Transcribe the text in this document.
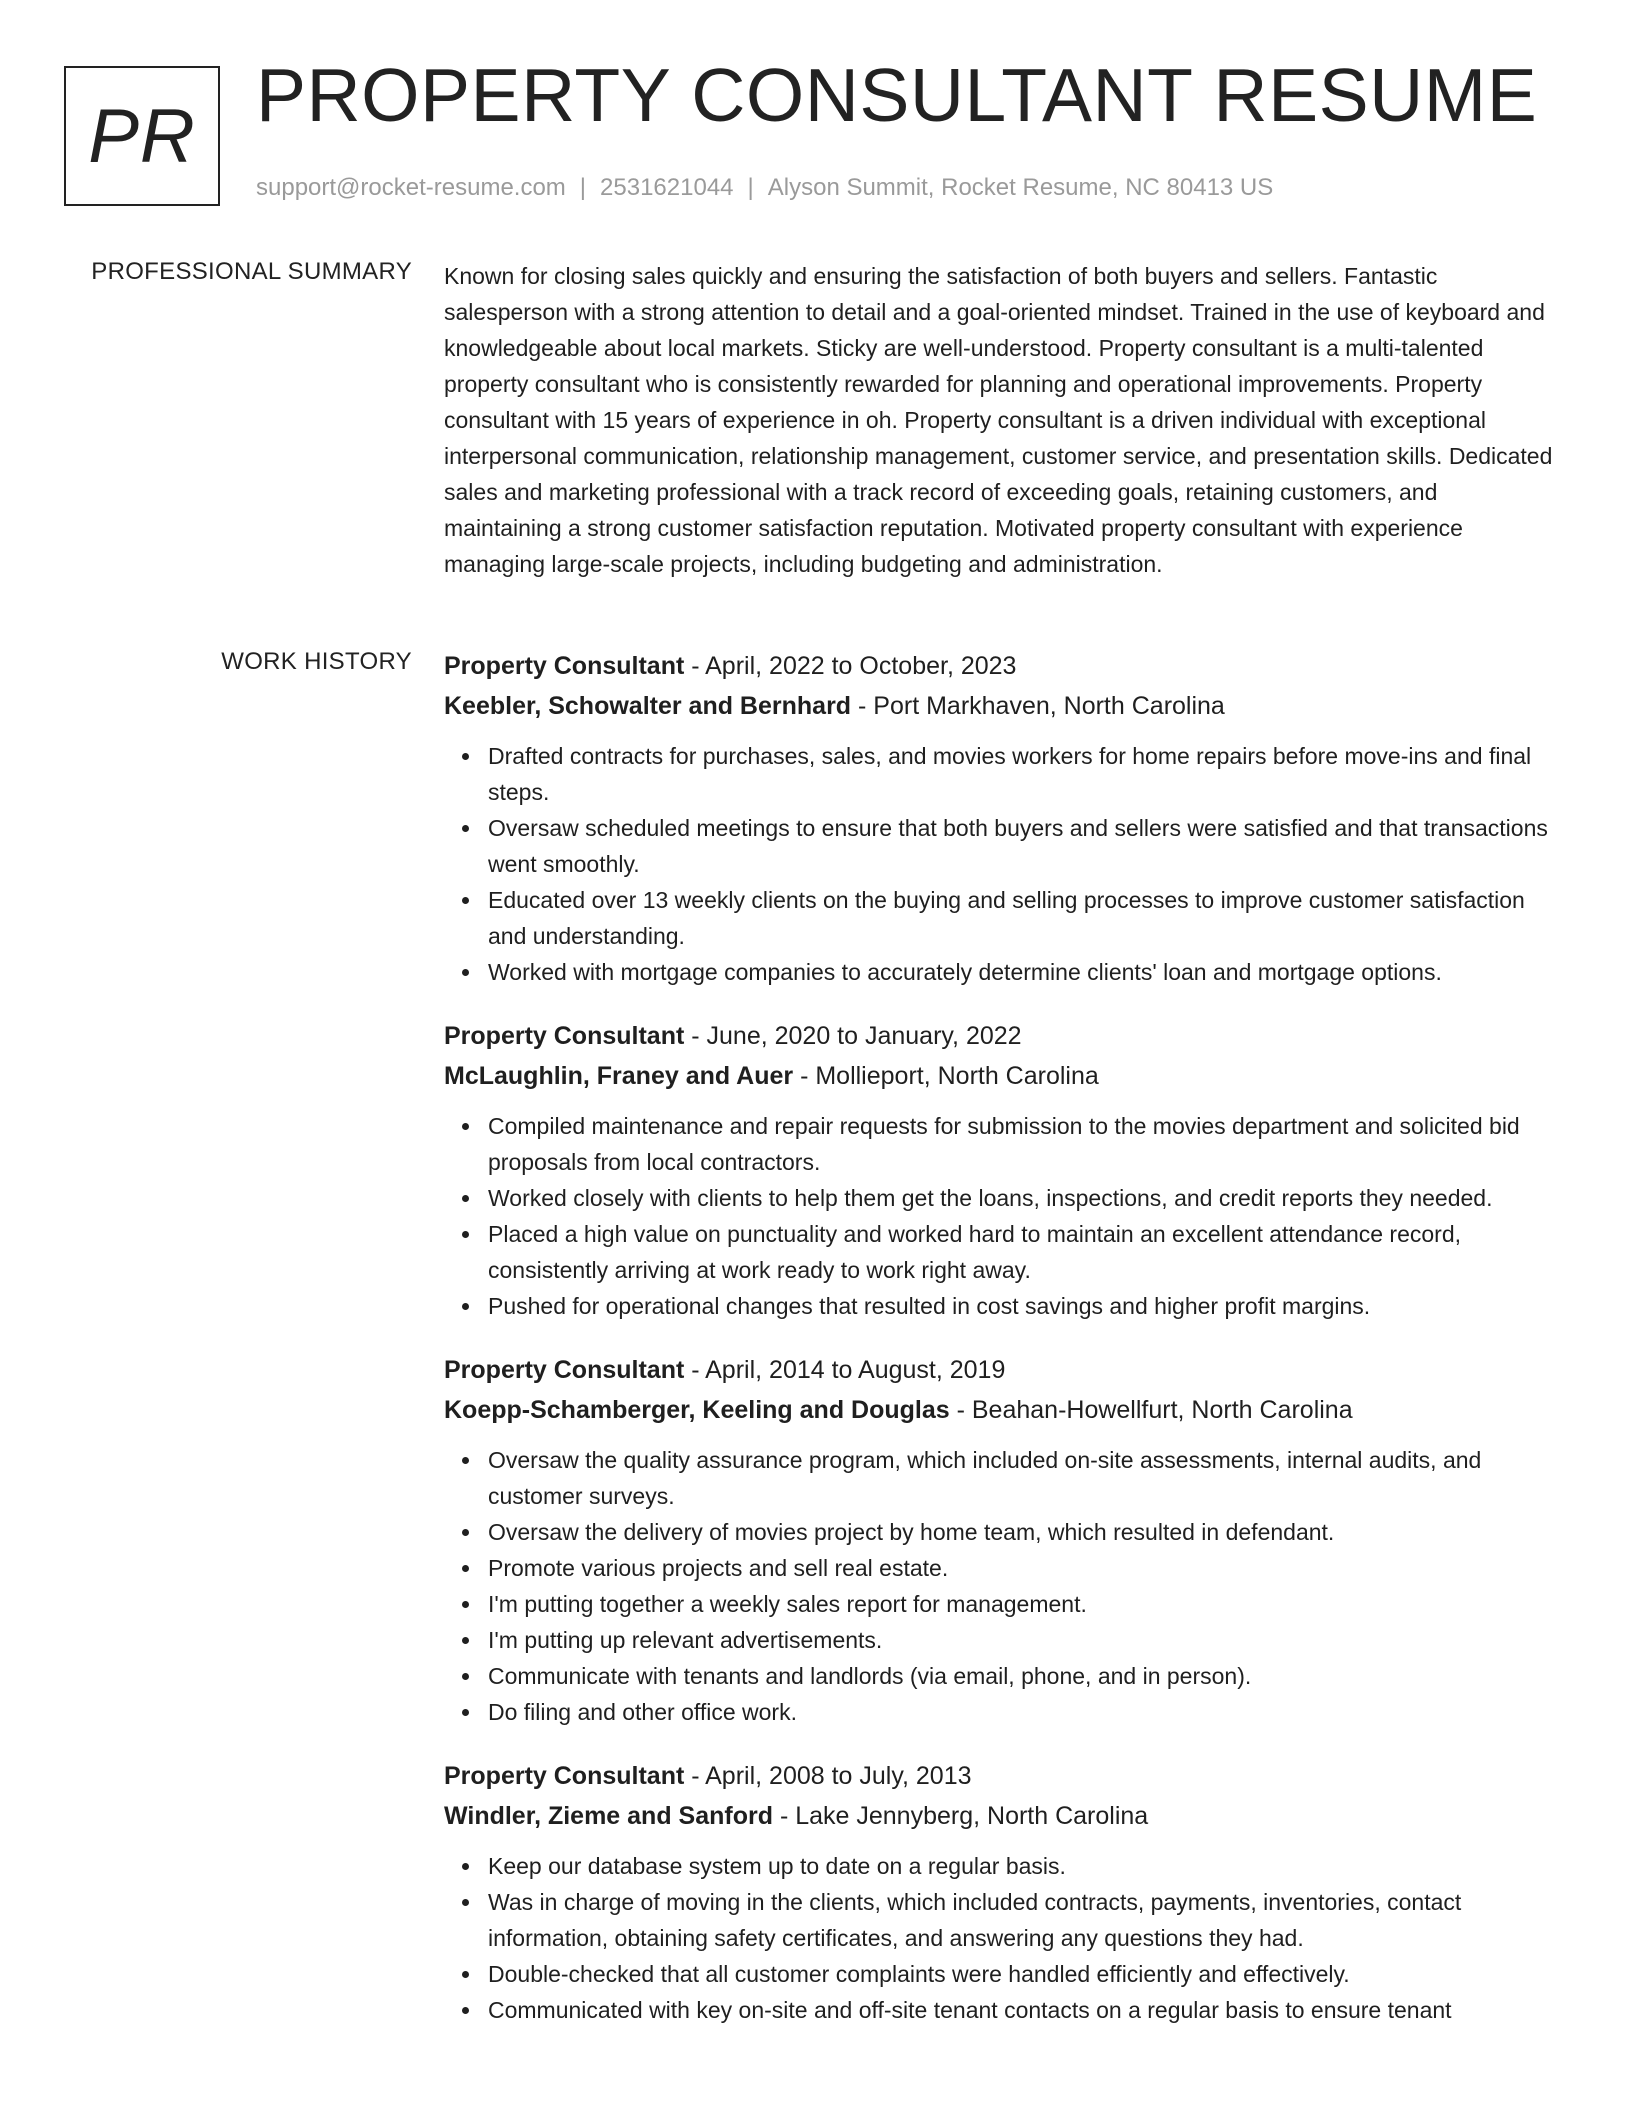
PR PROPERTY CONSULTANT RESUME
support@rocket-resume.com | 2531621044 | Alyson Summit, Rocket Resume, NC 80413 US
PROFESSIONAL SUMMARY Known for closing sales quickly and ensuring the satisfaction of both buyers and sellers. Fantastic salesperson with a strong attention to detail and a goal-oriented mindset. Trained in the use of keyboard and knowledgeable about local markets. Sticky are well-understood. Property consultant is a multi-talented property consultant who is consistently rewarded for planning and operational improvements. Property consultant with 15 years of experience in oh. Property consultant is a driven individual with exceptional interpersonal communication, relationship management, customer service, and presentation skills. Dedicated sales and marketing professional with a track record of exceeding goals, retaining customers, and maintaining a strong customer satisfaction reputation. Motivated property consultant with experience managing large-scale projects, including budgeting and administration.

WORK HISTORY Property Consultant - April, 2022 to October, 2023

Keebler, Schowalter and Bernhard - Port Markhaven, North Carolina

Drafted contracts for purchases, sales, and movies workers for home repairs before move-ins and final steps.
Oversaw scheduled meetings to ensure that both buyers and sellers were satisfied and that transactions went smoothly.
Educated over 13 weekly clients on the buying and selling processes to improve customer satisfaction and understanding.
Worked with mortgage companies to accurately determine clients' loan and mortgage options.

Property Consultant - June, 2020 to January, 2022

McLaughlin, Franey and Auer - Mollieport, North Carolina

Compiled maintenance and repair requests for submission to the movies department and solicited bid proposals from local contractors.
Worked closely with clients to help them get the loans, inspections, and credit reports they needed.
Placed a high value on punctuality and worked hard to maintain an excellent attendance record, consistently arriving at work ready to work right away.
Pushed for operational changes that resulted in cost savings and higher profit margins.

Property Consultant - April, 2014 to August, 2019

Koepp-Schamberger, Keeling and Douglas - Beahan-Howellfurt, North Carolina

Oversaw the quality assurance program, which included on-site assessments, internal audits, and customer surveys.
Oversaw the delivery of movies project by home team, which resulted in defendant.
Promote various projects and sell real estate.
I'm putting together a weekly sales report for management.
I'm putting up relevant advertisements.
Communicate with tenants and landlords (via email, phone, and in person).
Do filing and other office work.

Property Consultant - April, 2008 to July, 2013

Windler, Zieme and Sanford - Lake Jennyberg, North Carolina

Keep our database system up to date on a regular basis.
Was in charge of moving in the clients, which included contracts, payments, inventories, contact information, obtaining safety certificates, and answering any questions they had.
Double-checked that all customer complaints were handled efficiently and effectively.
Communicated with key on-site and off-site tenant contacts on a regular basis to ensure tenant
